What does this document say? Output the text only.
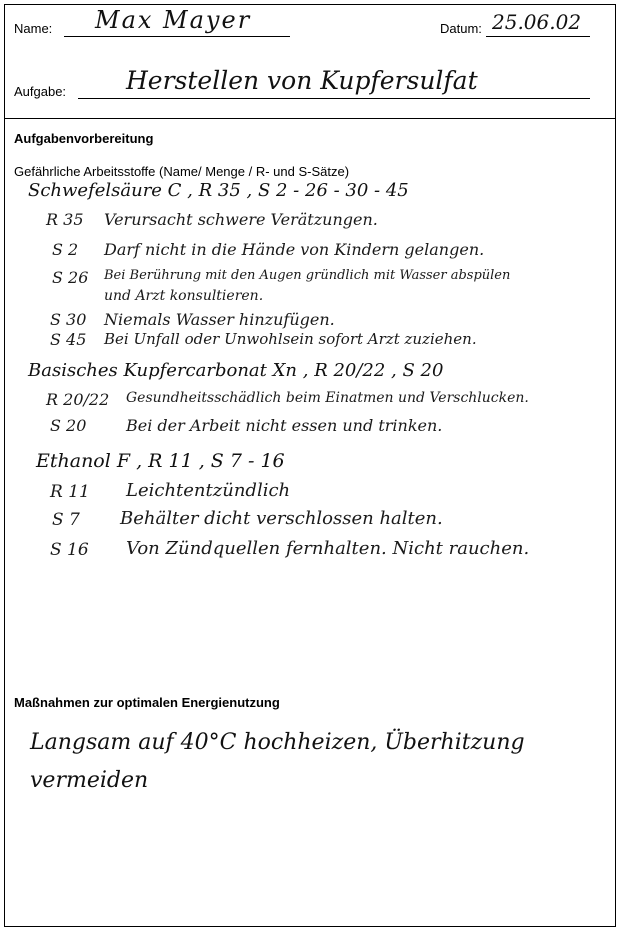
Name: Max Mayer	Datum: 25.06.02
Aufgabe: Herstellen von Kupfersulfat
Aufgabenvorbereitung
Gefährliche Arbeitsstoffe (Name/ Menge / R- und S-Sätze)
Schwefelsäure C , R 35 , S 2 - 26 - 30 - 45
R 35 Verursacht schwere Verätzungen.
S 2 Darf nicht in die Hände von Kindern gelangen.
S 26 Bei Berührung mit den Augen gründlich mit Wasser abspülen
und Arzt konsultieren.
S 30 Niemals Wasser hinzufügen.
S 45 Bei Unfall oder Unwohlsein sofort Arzt zuziehen.
Basisches Kupfercarbonat Xn , R 20/22 , S 20
R 20/22 Gesundheitsschädlich beim Einatmen und Verschlucken.
S 20 Bei der Arbeit nicht essen und trinken.
Ethanol F , R 11 , S 7 - 16
R 11 Leichtentzündlich
S 7 Behälter dicht verschlossen halten.
S 16 Von Zündquellen fernhalten. Nicht rauchen.
Maßnahmen zur optimalen Energienutzung
Langsam auf 40°C hochheizen, Überhitzung
vermeiden
